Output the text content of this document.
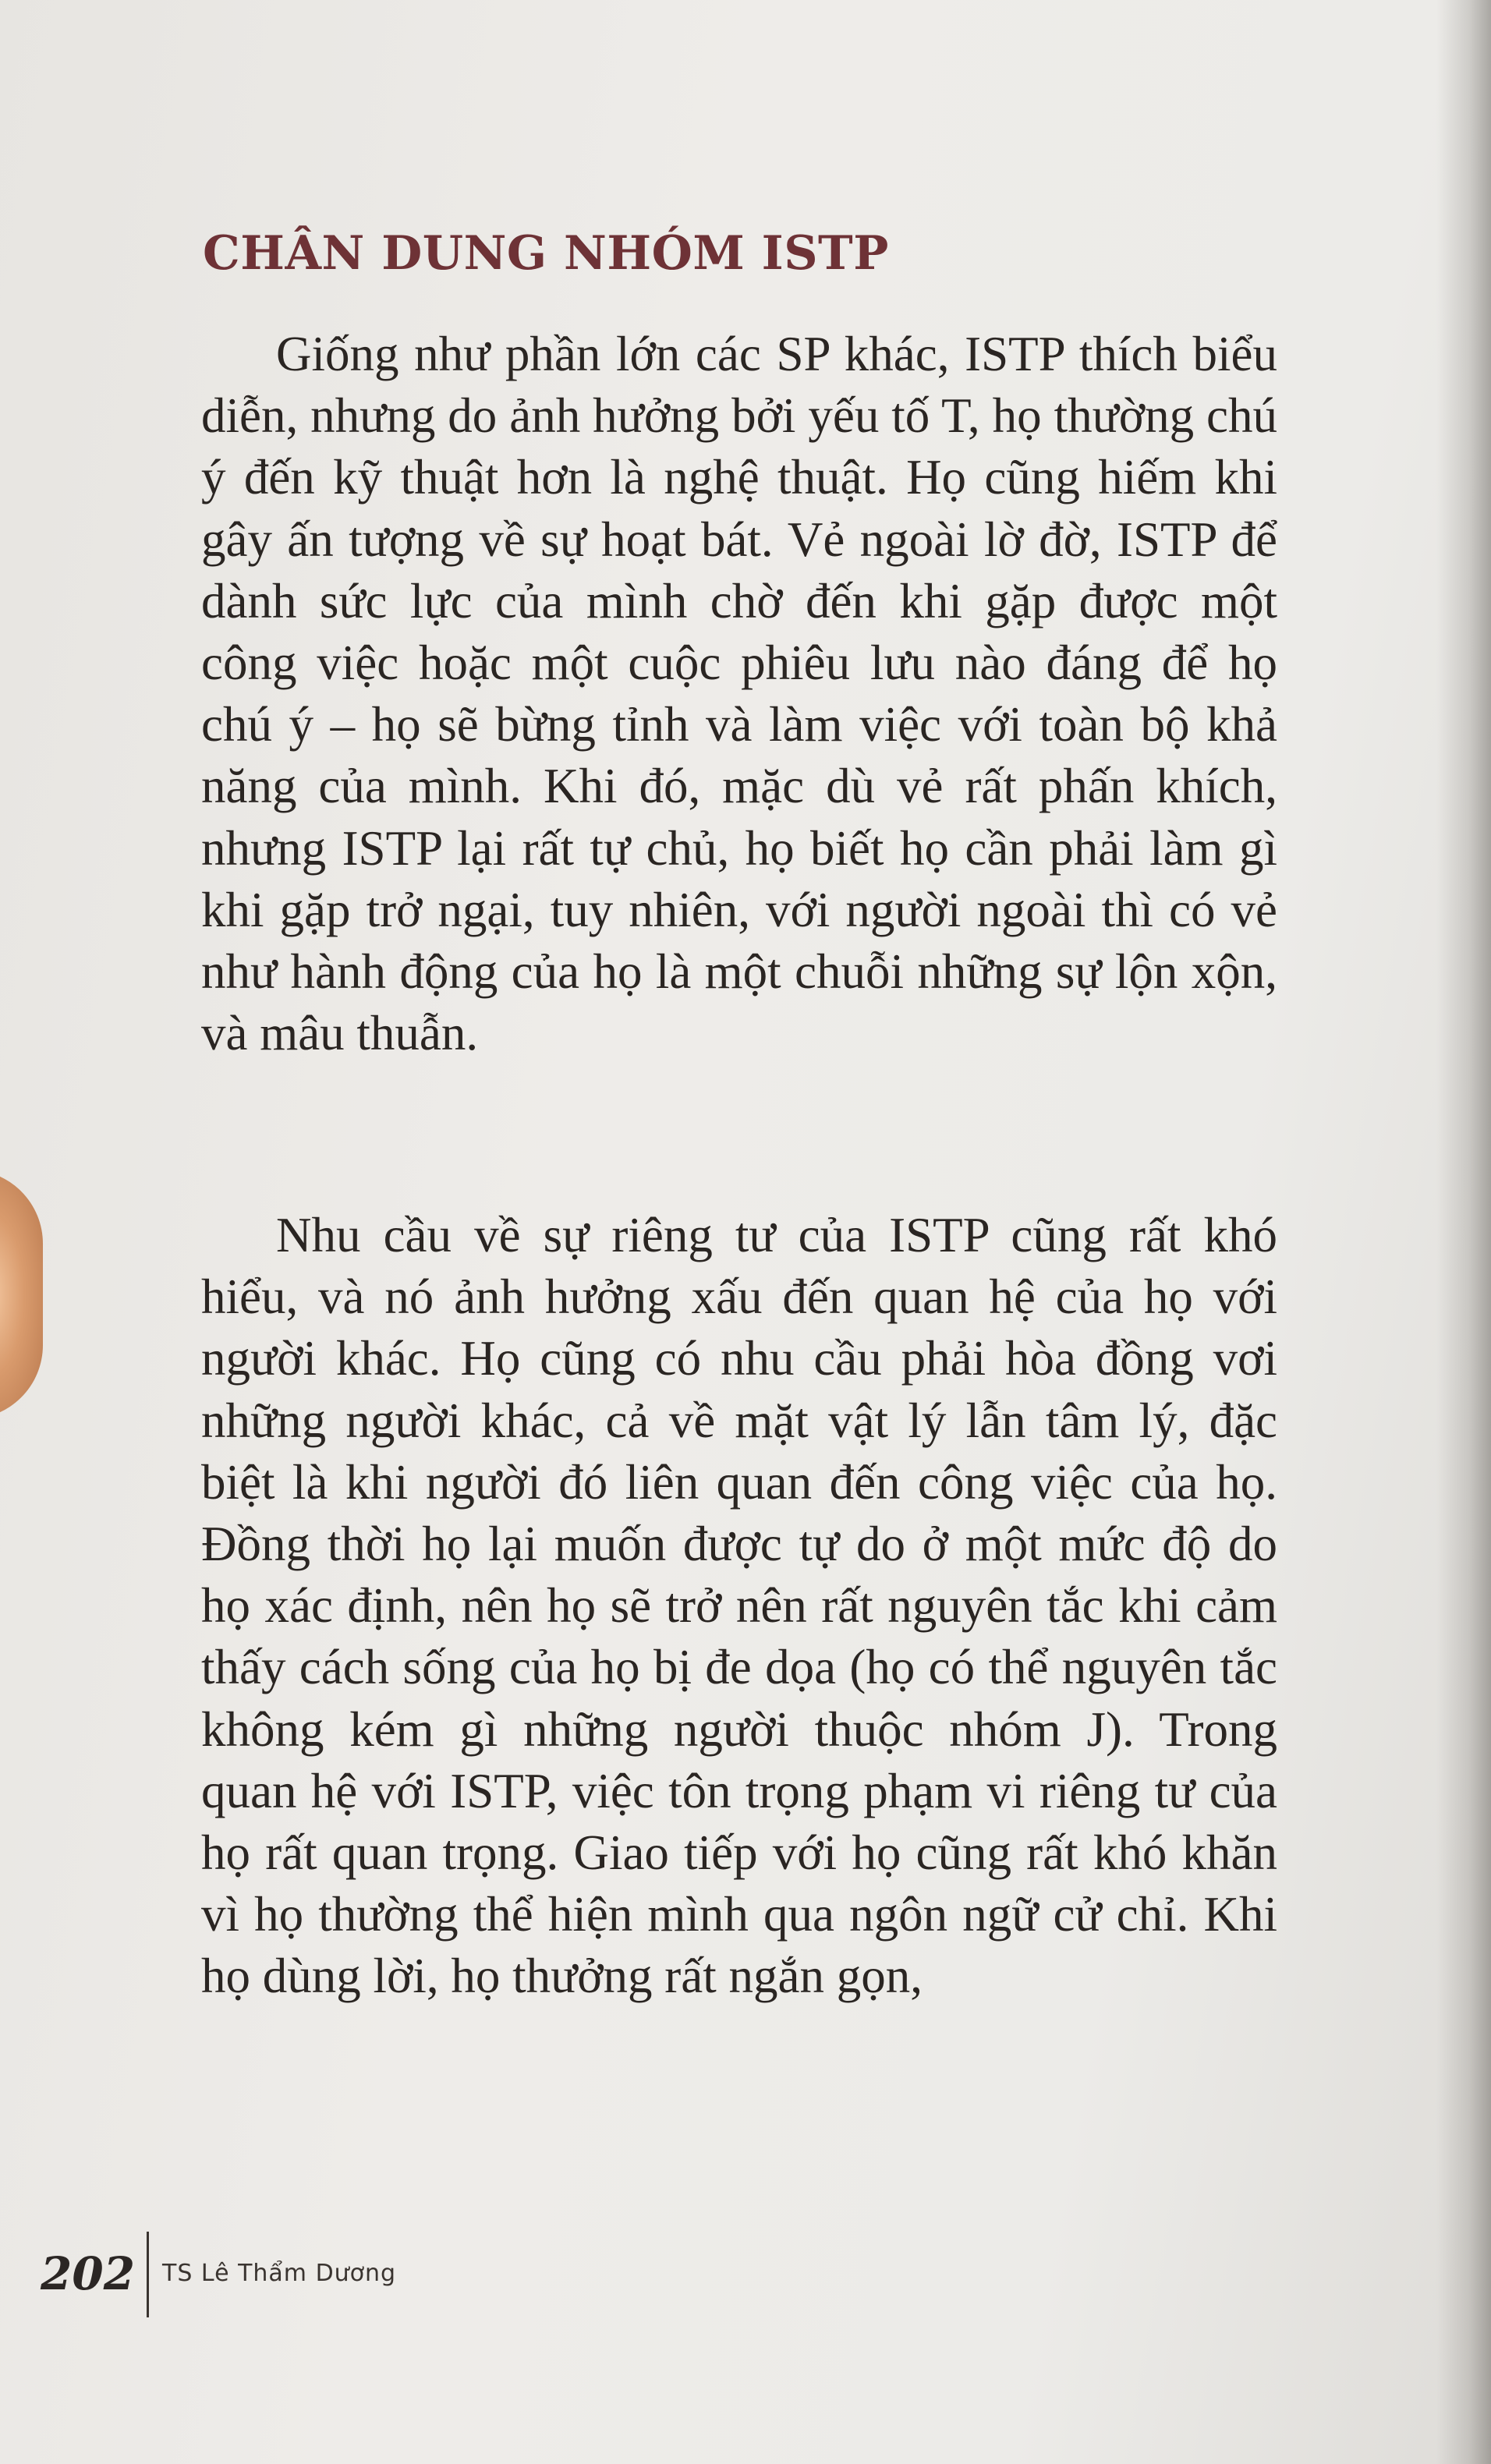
CHÂN DUNG NHÓM ISTP
Giống như phần lớn các SP khác, ISTP thích biểu diễn, nhưng do ảnh hưởng bởi yếu tố T, họ thường chú ý đến kỹ thuật hơn là nghệ thuật. Họ cũng hiếm khi gây ấn tượng về sự hoạt bát. Vẻ ngoài lờ đờ, ISTP để dành sức lực của mình chờ đến khi gặp được một công việc hoặc một cuộc phiêu lưu nào đáng để họ chú ý – họ sẽ bừng tỉnh và làm việc với toàn bộ khả năng của mình. Khi đó, mặc dù vẻ rất phấn khích, nhưng ISTP lại rất tự chủ, họ biết họ cần phải làm gì khi gặp trở ngại, tuy nhiên, với người ngoài thì có vẻ như hành động của họ là một chuỗi những sự lộn xộn, và mâu thuẫn.
Nhu cầu về sự riêng tư của ISTP cũng rất khó hiểu, và nó ảnh hưởng xấu đến quan hệ của họ với người khác. Họ cũng có nhu cầu phải hòa đồng vơi những người khác, cả về mặt vật lý lẫn tâm lý, đặc biệt là khi người đó liên quan đến công việc của họ. Đồng thời họ lại muốn được tự do ở một mức độ do họ xác định, nên họ sẽ trở nên rất nguyên tắc khi cảm thấy cách sống của họ bị đe dọa (họ có thể nguyên tắc không kém gì những người thuộc nhóm J). Trong quan hệ với ISTP, việc tôn trọng phạm vi riêng tư của họ rất quan trọng. Giao tiếp với họ cũng rất khó khăn vì họ thường thể hiện mình qua ngôn ngữ cử chỉ. Khi họ dùng lời, họ thưởng rất ngắn gọn,
202 TS Lê Thẩm Dương
